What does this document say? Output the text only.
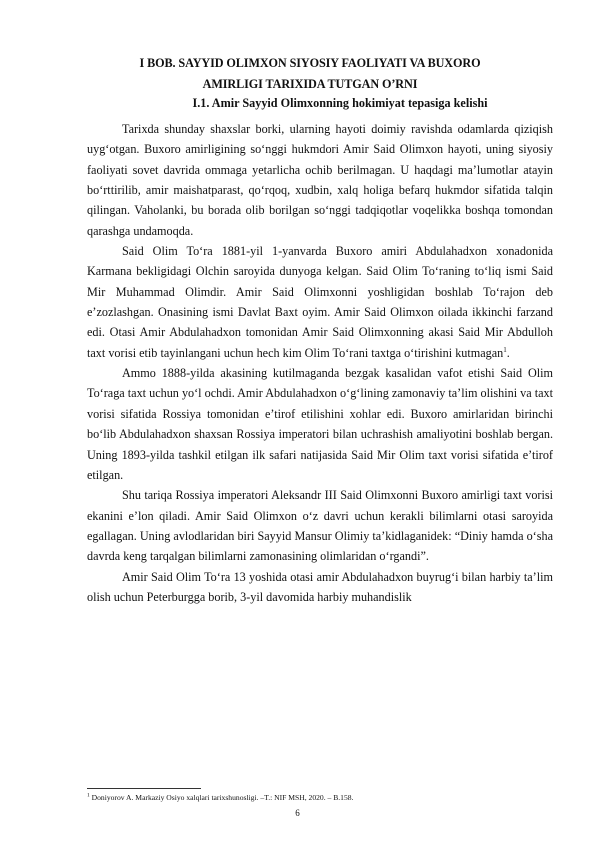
I BOB. SAYYID OLIMXON SIYOSIY FAOLIYATI VA BUXORO
AMIRLIGI TARIXIDA TUTGAN O’RNI
I.1. Amir Sayyid Olimxonning hokimiyat tepasiga kelishi

Tarixda shunday shaxslar borki, ularning hayoti doimiy ravishda odamlarda qiziqish uyg‘otgan. Buxoro amirligining so‘nggi hukmdori Amir Said Olimxon hayoti, uning siyosiy faoliyati sovet davrida ommaga yetarlicha ochib berilmagan. U haqdagi ma’lumotlar atayin bo‘rttirilib, amir maishatparast, qo‘rqoq, xudbin, xalq holiga befarq hukmdor sifatida talqin qilingan. Vaholanki, bu borada olib borilgan so‘nggi tadqiqotlar voqelikka boshqa tomondan qarashga undamoqda.

Said Olim To‘ra 1881-yil 1-yanvarda Buxoro amiri Abdulahadxon xonadonida Karmana bekligidagi Olchin saroyida dunyoga kelgan. Said Olim To‘raning to‘liq ismi Said Mir Muhammad Olimdir. Amir Said Olimxonni yoshligidan boshlab To‘rajon deb e’zozlashgan. Onasining ismi Davlat Baxt oyim. Amir Said Olimxon oilada ikkinchi farzand edi. Otasi Amir Abdulahadxon tomonidan Amir Said Olimxonning akasi Said Mir Abdulloh taxt vorisi etib tayinlangani uchun hech kim Olim To‘rani taxtga o‘tirishini kutmagan$^1$.

Ammo 1888-yilda akasining kutilmaganda bezgak kasalidan vafot etishi Said Olim To‘raga taxt uchun yo‘l ochdi. Amir Abdulahadxon o‘g‘lining zamonaviy ta’lim olishini va taxt vorisi sifatida Rossiya tomonidan e’tirof etilishini xohlar edi. Buxoro amirlaridan birinchi bo‘lib Abdulahadxon shaxsan Rossiya imperatori bilan uchrashish amaliyotini boshlab bergan. Uning 1893-yilda tashkil etilgan ilk safari natijasida Said Mir Olim taxt vorisi sifatida e’tirof etilgan.

Shu tariqa Rossiya imperatori Aleksandr III Said Olimxonni Buxoro amirligi taxt vorisi ekanini e’lon qiladi. Amir Said Olimxon o‘z davri uchun kerakli bilimlarni otasi saroyida egallagan. Uning avlodlaridan biri Sayyid Mansur Olimiy ta’kidlaganidek: “Diniy hamda o‘sha davrda keng tarqalgan bilimlarni zamonasining olimlaridan o‘rgandi”.

Amir Said Olim To‘ra 13 yoshida otasi amir Abdulahadxon buyrug‘i bilan harbiy ta’lim olish uchun Peterburgga borib, 3-yil davomida harbiy muhandislik

$^1$ Doniyorov A. Markaziy Osiyo xalqlari tarixshunosligi. –T.: NIF MSH, 2020. – B.158.
6
